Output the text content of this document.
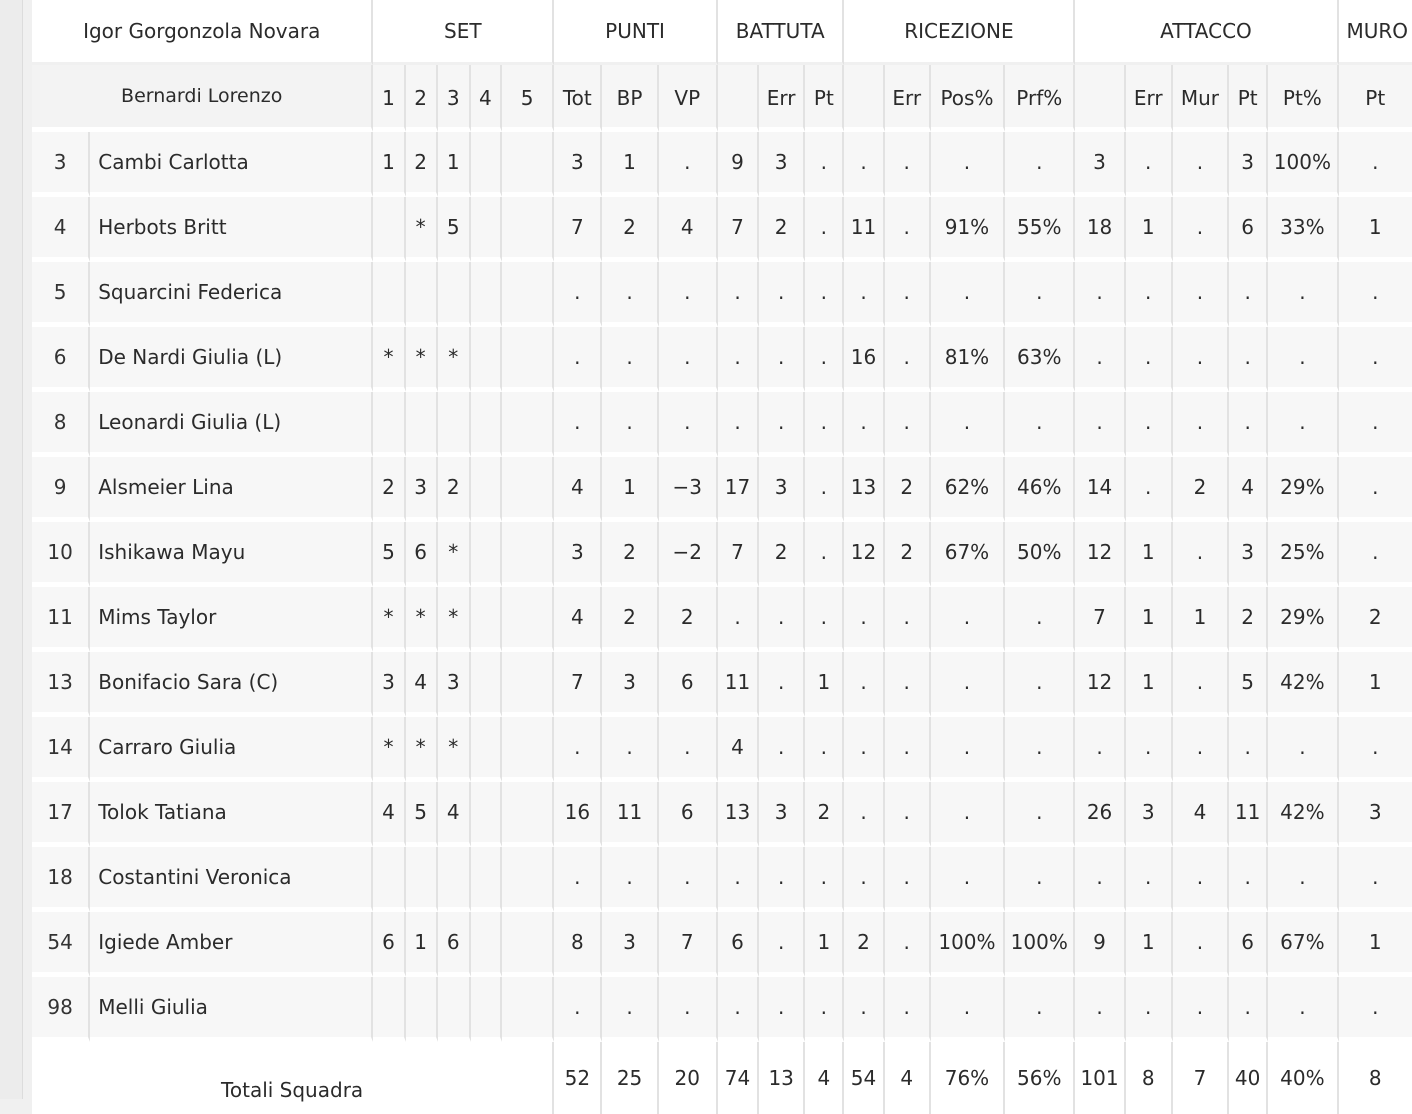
Igor Gorgonzola Novara		SET					PUNTI			BATTUTA			RICEZIONE				ATTACCO					MURO
Bernardi Lorenzo		1	2	3	4	5	Tot	BP	VP		Err	Pt		Err	Pos%	Prf%		Err	Mur	Pt	Pt%	Pt
3	Cambi Carlotta	1	2	1			3	1	.	9	3	.	.	.	.	.	3	.	.	3	100%	.
4	Herbots Britt		*	5			7	2	4	7	2	.	11	.	91%	55%	18	1	.	6	33%	1
5	Squarcini Federica						.	.	.	.	.	.	.	.	.	.	.	.	.	.	.	.
6	De Nardi Giulia (L)	*	*	*			.	.	.	.	.	.	16	.	81%	63%	.	.	.	.	.	.
8	Leonardi Giulia (L)						.	.	.	.	.	.	.	.	.	.	.	.	.	.	.	.
9	Alsmeier Lina	2	3	2			4	1	−3	17	3	.	13	2	62%	46%	14	.	2	4	29%	.
10	Ishikawa Mayu	5	6	*			3	2	−2	7	2	.	12	2	67%	50%	12	1	.	3	25%	.
11	Mims Taylor	*	*	*			4	2	2	.	.	.	.	.	.	.	7	1	1	2	29%	2
13	Bonifacio Sara (C)	3	4	3			7	3	6	11	.	1	.	.	.	.	12	1	.	5	42%	1
14	Carraro Giulia	*	*	*			.	.	.	4	.	.	.	.	.	.	.	.	.	.	.	.
17	Tolok Tatiana	4	5	4			16	11	6	13	3	2	.	.	.	.	26	3	4	11	42%	3
18	Costantini Veronica						.	.	.	.	.	.	.	.	.	.	.	.	.	.	.	.
54	Igiede Amber	6	1	6			8	3	7	6	.	1	2	.	100%	100%	9	1	.	6	67%	1
98	Melli Giulia						.	.	.	.	.	.	.	.	.	.	.	.	.	.	.	.
Totali Squadra							52	25	20	74	13	4	54	4	76%	56%	101	8	7	40	40%	8
